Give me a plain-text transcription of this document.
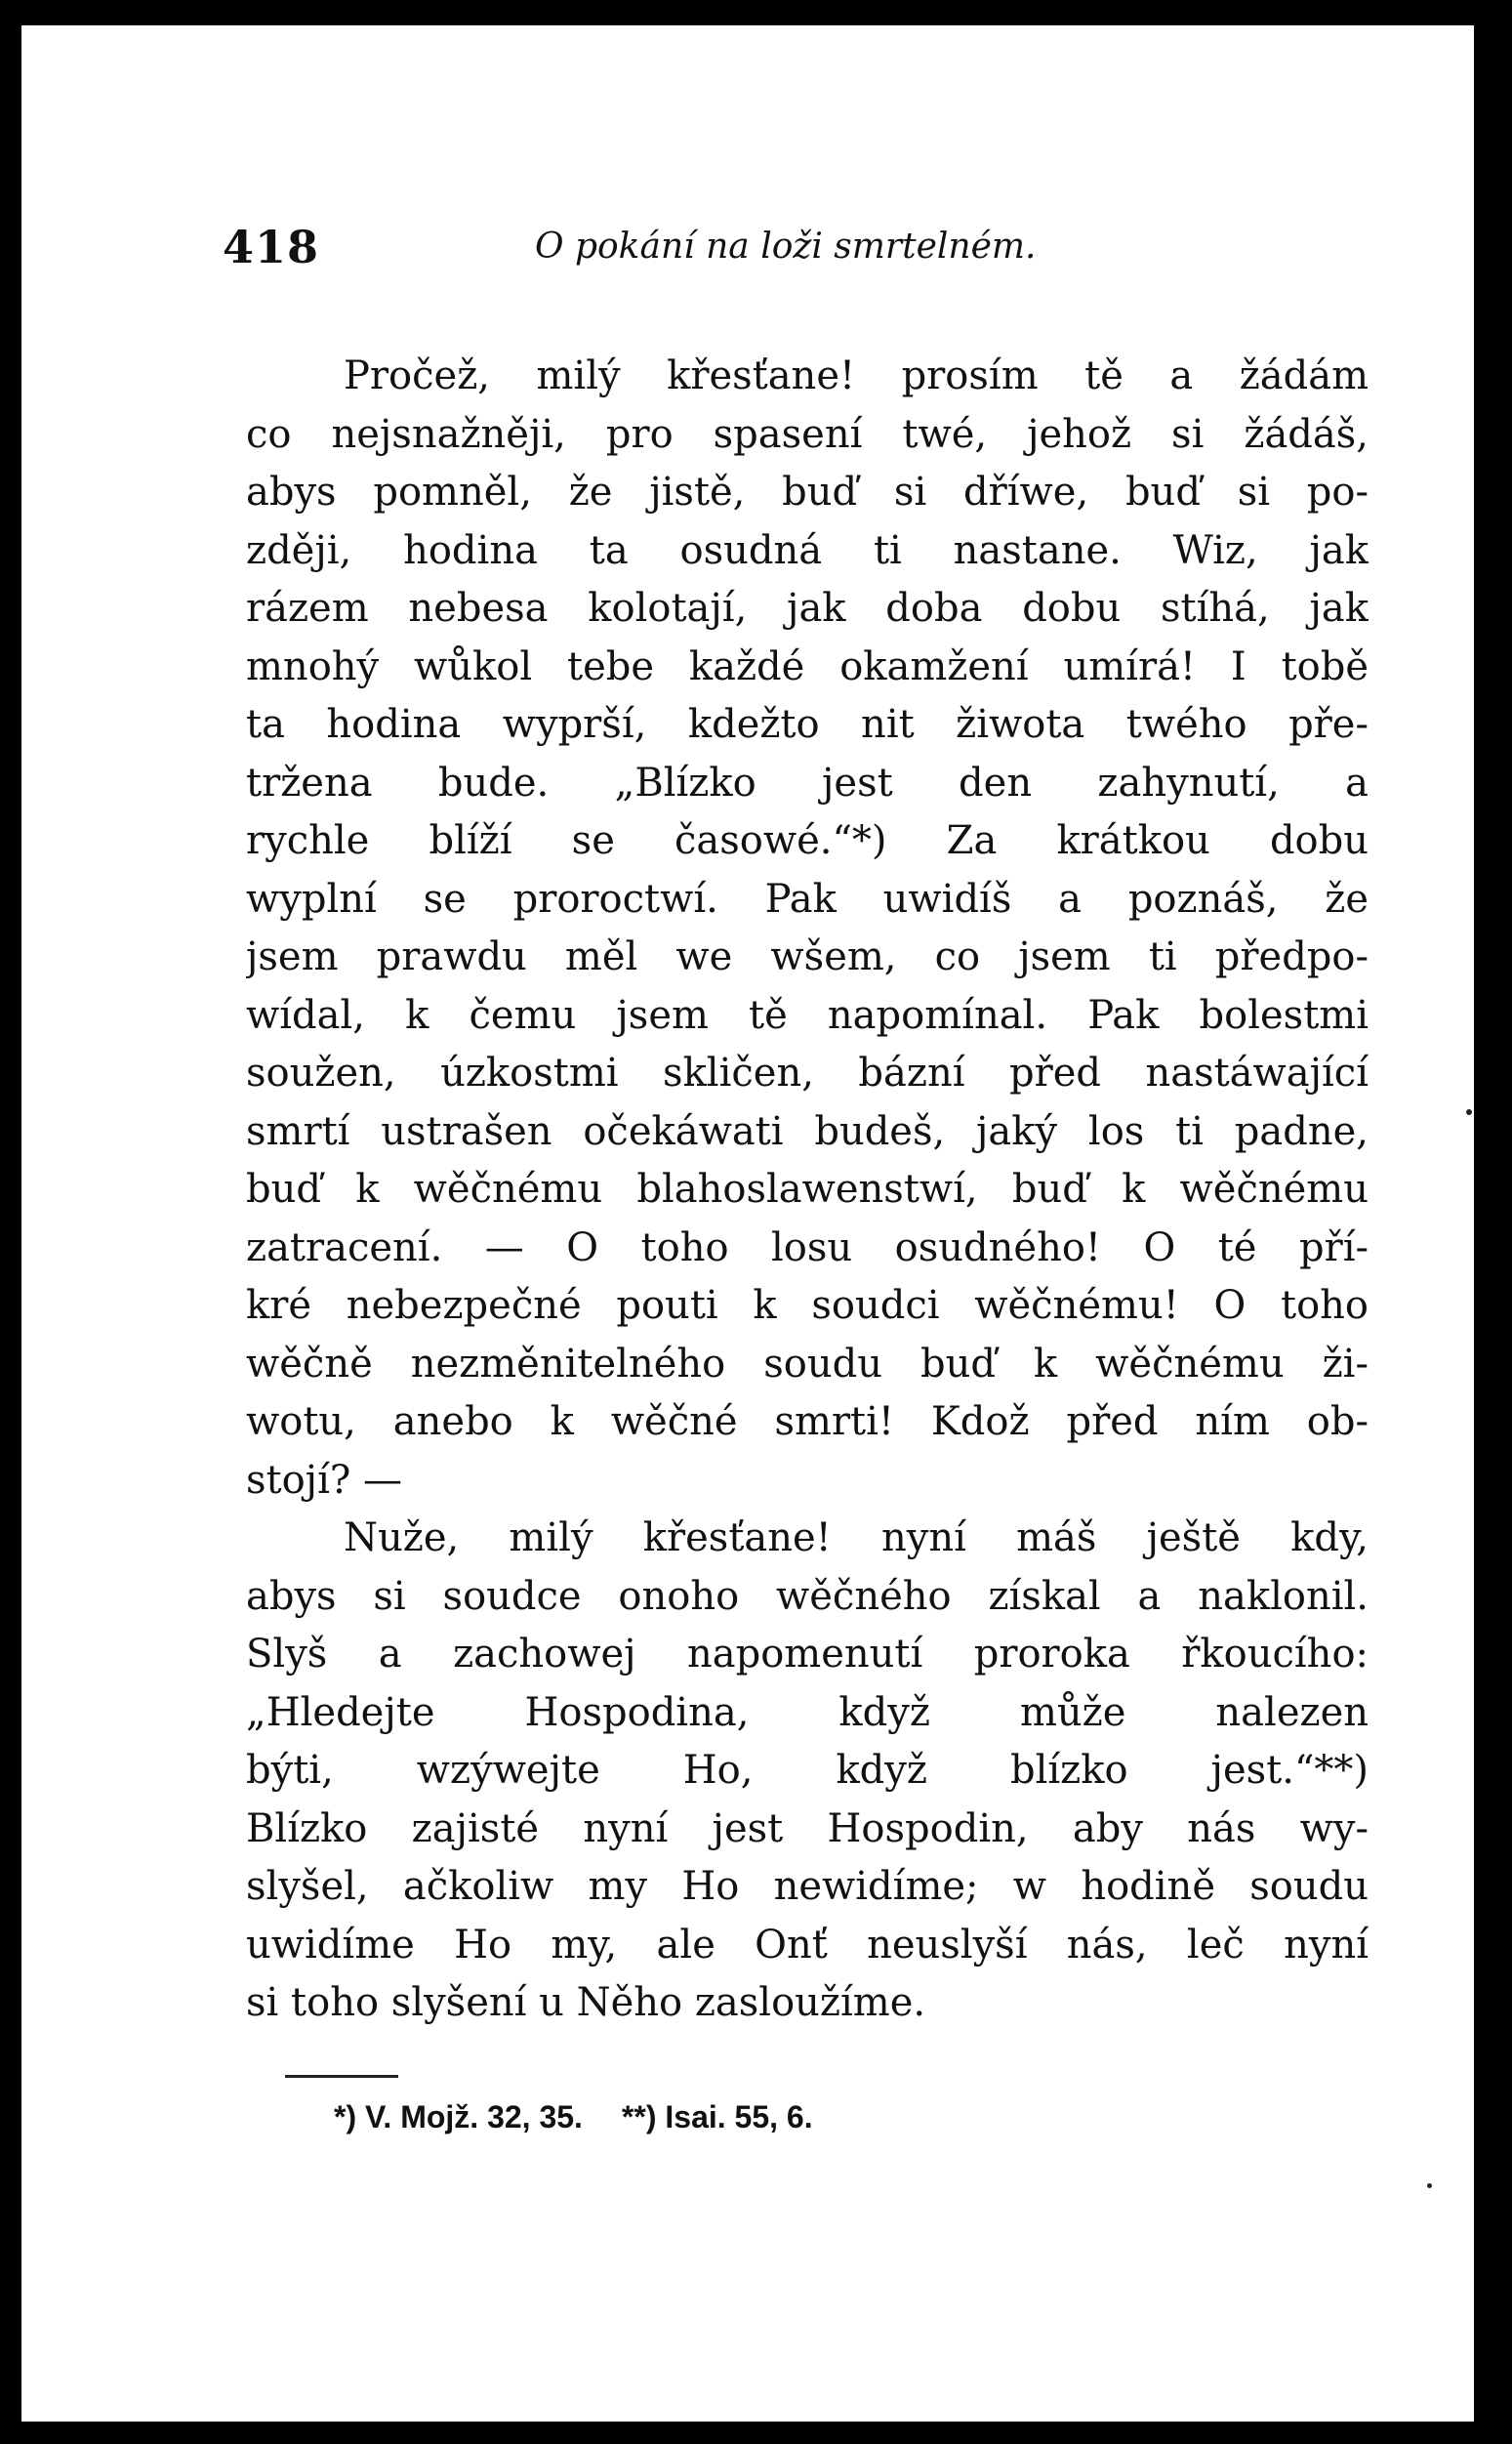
418	O pokání na loži smrtelném.
Pročež, milý křesťane! prosím tě a žádám
co nejsnažněji, pro spasení twé, jehož si žádáš,
abys pomněl, že jistě, buď si dříwe, buď si po-
zději, hodina ta osudná ti nastane. Wiz, jak
rázem nebesa kolotají, jak doba dobu stíhá, jak
mnohý wůkol tebe každé okamžení umírá! I tobě
ta hodina wyprší, kdežto nit žiwota twého pře-
tržena bude. „Blízko jest den zahynutí, a
rychle blíží se časowé.“*) Za krátkou dobu
wyplní se proroctwí. Pak uwidíš a poznáš, že
jsem prawdu měl we wšem, co jsem ti předpo-
wídal, k čemu jsem tě napomínal. Pak bolestmi
soužen, úzkostmi skličen, bázní před nastáwající
smrtí ustrašen očekáwati budeš, jaký los ti padne,
buď k wěčnému blahoslawenstwí, buď k wěčnému
zatracení. — O toho losu osudného! O té pří-
kré nebezpečné pouti k soudci wěčnému! O toho
wěčně nezměnitelného soudu buď k wěčnému ži-
wotu, anebo k wěčné smrti! Kdož před ním ob-
stojí? —
Nuže, milý křesťane! nyní máš ještě kdy,
abys si soudce onoho wěčného získal a naklonil.
Slyš a zachowej napomenutí proroka řkoucího:
„Hledejte Hospodina, když může nalezen
býti, wzýwejte Ho, když blízko jest.“**)
Blízko zajisté nyní jest Hospodin, aby nás wy-
slyšel, ačkoliw my Ho newidíme; w hodině soudu
uwidíme Ho my, ale Onť neuslyší nás, leč nyní
si toho slyšení u Něho zasloužíme.
*) V. Mojž. 32, 35. **) Isai. 55, 6.
